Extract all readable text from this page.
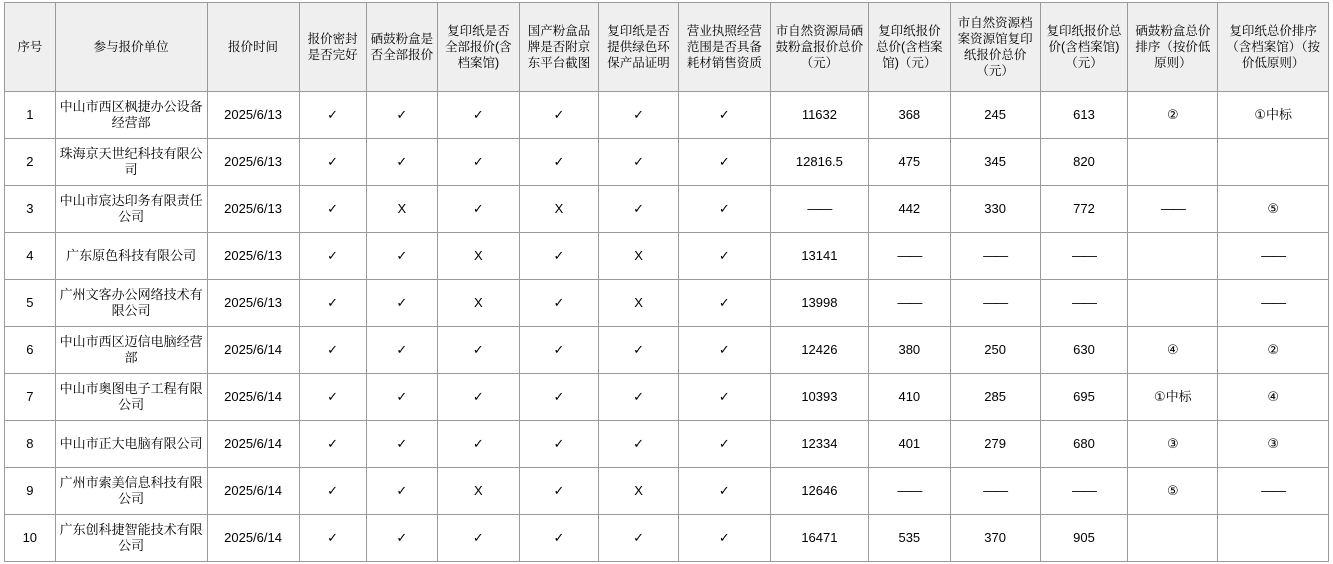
序号	参与报价单位	报价时间	报价密封是否完好	硒鼓粉盒是否全部报价	复印纸是否全部报价(含档案馆)	国产粉盒品牌是否附京东平台截图	复印纸是否提供绿色环保产品证明	营业执照经营范围是否具备耗材销售资质	市自然资源局硒鼓粉盒报价总价（元）	复印纸报价总价(含档案馆)（元）	市自然资源档案资源馆复印纸报价总价（元）	复印纸报价总价(含档案馆)（元）	硒鼓粉盒总价排序（按价低原则）	复印纸总价排序（含档案馆）（按价低原则）
1	中山市西区枫捷办公设备经营部	2025/6/13	✓	✓	✓	✓	✓	✓	11632	368	245	613	②	①中标
2	珠海京天世纪科技有限公司	2025/6/13	✓	✓	✓	✓	✓	✓	12816.5	475	345	820		
3	中山市宸达印务有限责任公司	2025/6/13	✓	X	✓	X	✓	✓	——	442	330	772	——	⑤
4	广东原色科技有限公司	2025/6/13	✓	✓	X	✓	X	✓	13141	——	——	——		——
5	广州文客办公网络技术有限公司	2025/6/13	✓	✓	X	✓	X	✓	13998	——	——	——		——
6	中山市西区迈信电脑经营部	2025/6/14	✓	✓	✓	✓	✓	✓	12426	380	250	630	④	②
7	中山市奥图电子工程有限公司	2025/6/14	✓	✓	✓	✓	✓	✓	10393	410	285	695	①中标	④
8	中山市正大电脑有限公司	2025/6/14	✓	✓	✓	✓	✓	✓	12334	401	279	680	③	③
9	广州市索美信息科技有限公司	2025/6/14	✓	✓	X	✓	X	✓	12646	——	——	——	⑤	——
10	广东创科捷智能技术有限公司	2025/6/14	✓	✓	✓	✓	✓	✓	16471	535	370	905		
